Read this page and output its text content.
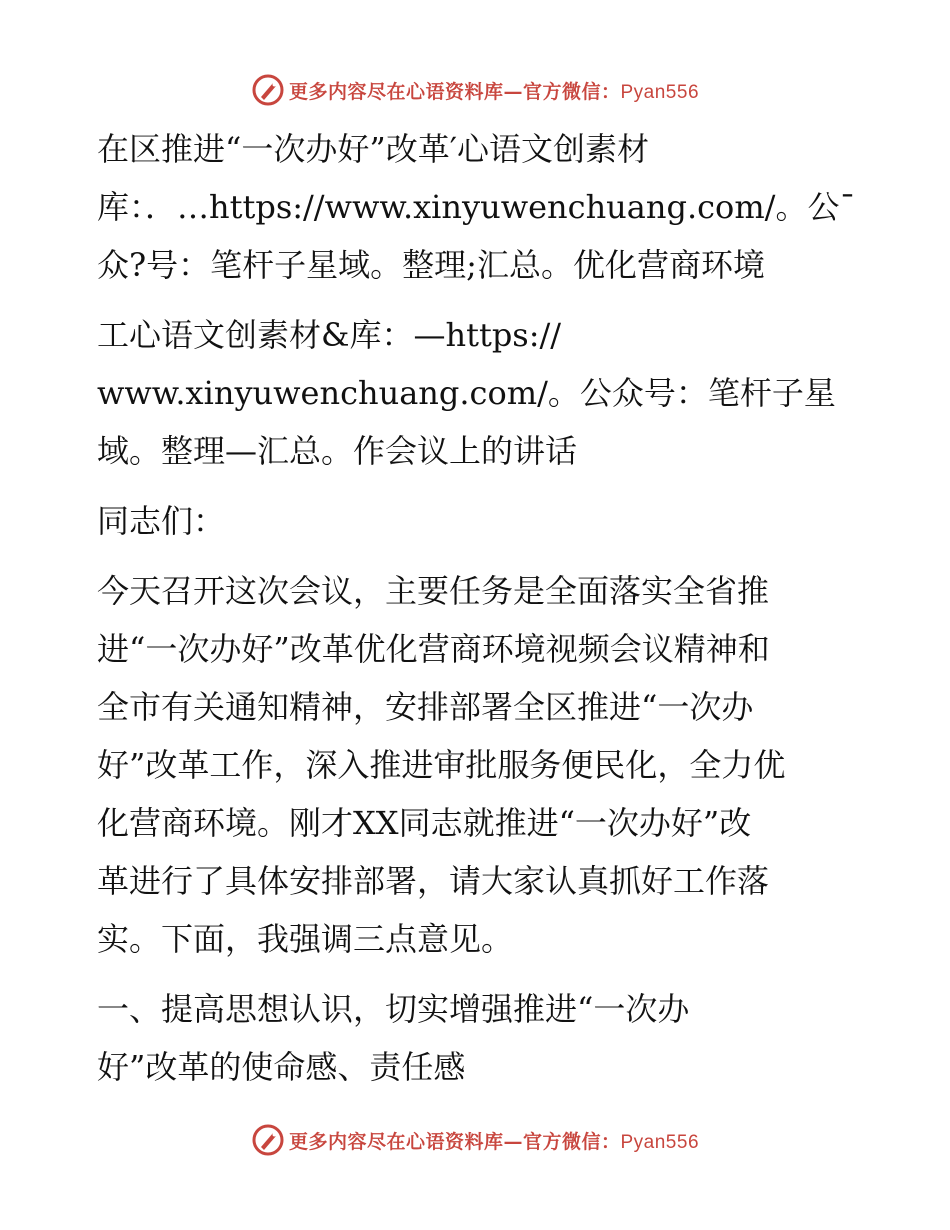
更多内容尽在心语资料库—官方微信：Pyan556
在区推进“一次办好”改革′心语文创素材
库：．…https://www.xinyuwenchuang.com/。公¯
众?号：笔杆子星域。整理;汇总。优化营商环境
工心语文创素材&库：—https://
www.xinyuwenchuang.com/。公众号：笔杆子星
域。整理—汇总。作会议上的讲话
同志们：
今天召开这次会议，主要任务是全面落实全省推
进“一次办好”改革优化营商环境视频会议精神和
全市有关通知精神，安排部署全区推进“一次办
好”改革工作，深入推进审批服务便民化，全力优
化营商环境。刚才XX同志就推进“一次办好”改
革进行了具体安排部署，请大家认真抓好工作落
实。下面，我强调三点意见。
一、提高思想认识，切实增强推进“一次办
好”改革的使命感、责任感
更多内容尽在心语资料库—官方微信：Pyan556
